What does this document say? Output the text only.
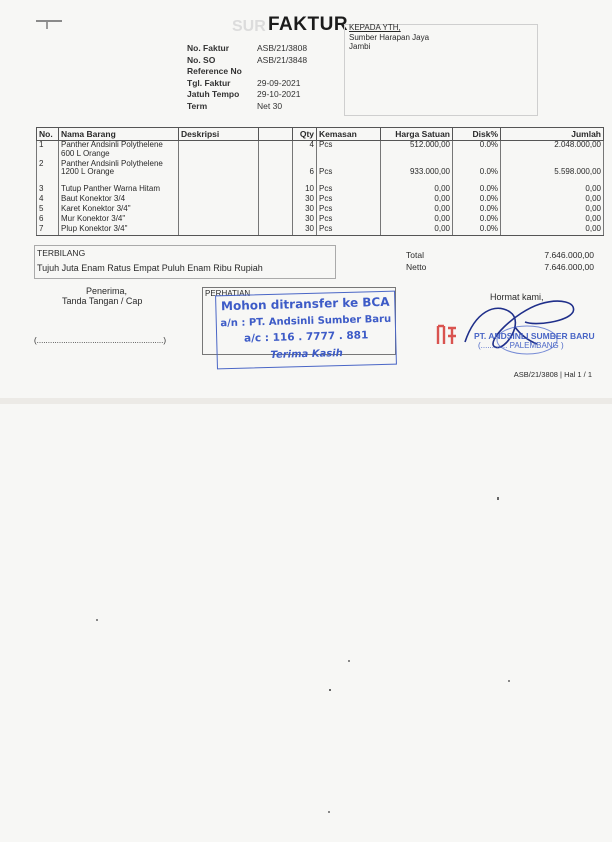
SUR FAKTUR
No. Faktur	ASB/21/3808
No. SO	ASB/21/3848
Reference No
Tgl. Faktur	29-09-2021
Jatuh Tempo	29-10-2021
Term	Net 30
KEPADA YTH,
Sumber Harapan Jaya
Jambi
No.	Nama Barang	Deskripsi		Qty	Kemasan	Harga Satuan	Disk%	Jumlah
1	Panther Andsinli Polythelene 600 L Orange			4	Pcs	512.000,00	0.0%	2.048.000,00
2	Panther Andsinli Polythelene 1200 L Orange			6	Pcs	933.000,00	0.0%	5.598.000,00
3	Tutup Panther Warna Hitam			10	Pcs	0,00	0.0%	0,00
4	Baut Konektor 3/4			30	Pcs	0,00	0.0%	0,00
5	Karet Konektor 3/4"			30	Pcs	0,00	0.0%	0,00
6	Mur Konektor 3/4"			30	Pcs	0,00	0.0%	0,00
7	Plup Konektor 3/4"			30	Pcs	0,00	0.0%	0,00
TERBILANG
Tujuh Juta Enam Ratus Empat Puluh Enam Ribu Rupiah
Total	7.646.000,00
Netto	7.646.000,00
Penerima,
Tanda Tangan / Cap
(.........................................................)
PERHATIAN
Mohon ditransfer ke BCA
a/n : PT. Andsinli Sumber Baru
a/c : 116 . 7777 . 881
Terima Kasih
Hormat kami,
PT. ANDSINLI SUMBER BARU
(............ PALEMBANG )
ASB/21/3808 | Hal 1 / 1
